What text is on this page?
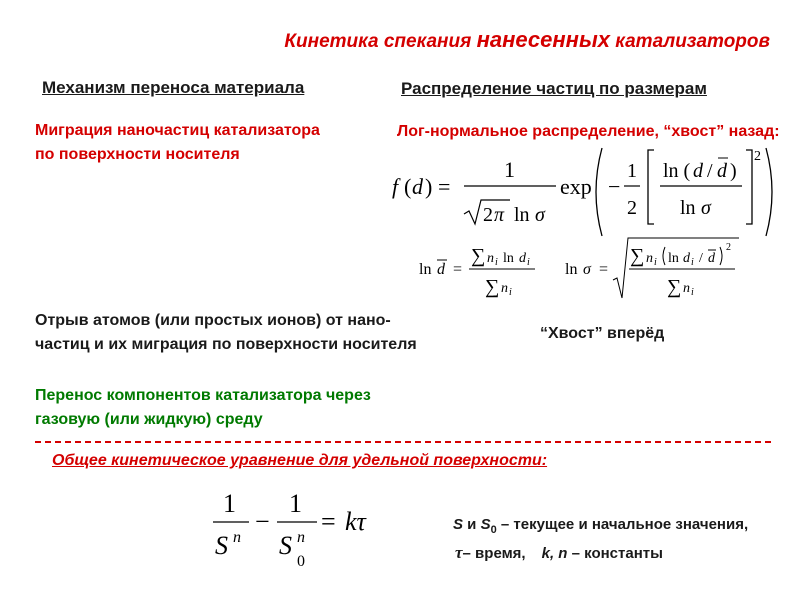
Кинетика спекания нанесенных катализаторов
Механизм переноса материала	Распределение частиц по размерам
Миграция наночастиц катализатора
по поверхности носителя
Лог-нормальное распределение, “хвост” назад:
f ( d ) =
1
2 π ln σ
exp −
1
2
ln ( d / d )
ln σ
2
ln d =
∑ n i ln d i
∑ n i
ln σ =
∑ n i ln d i / d
2
∑ n i
Отрыв атомов (или простых ионов) от нано-
частиц и их миграция по поверхности носителя
“Хвост” вперёд
Перенос компонентов катализатора через
газовую (или жидкую) среду
Общее кинетическое уравнение для удельной поверхности:
1
S n
−
1
S n
0
= kτ	S и $S_0$ – текущее и начальное значения,
τ– время, k, n – константы
